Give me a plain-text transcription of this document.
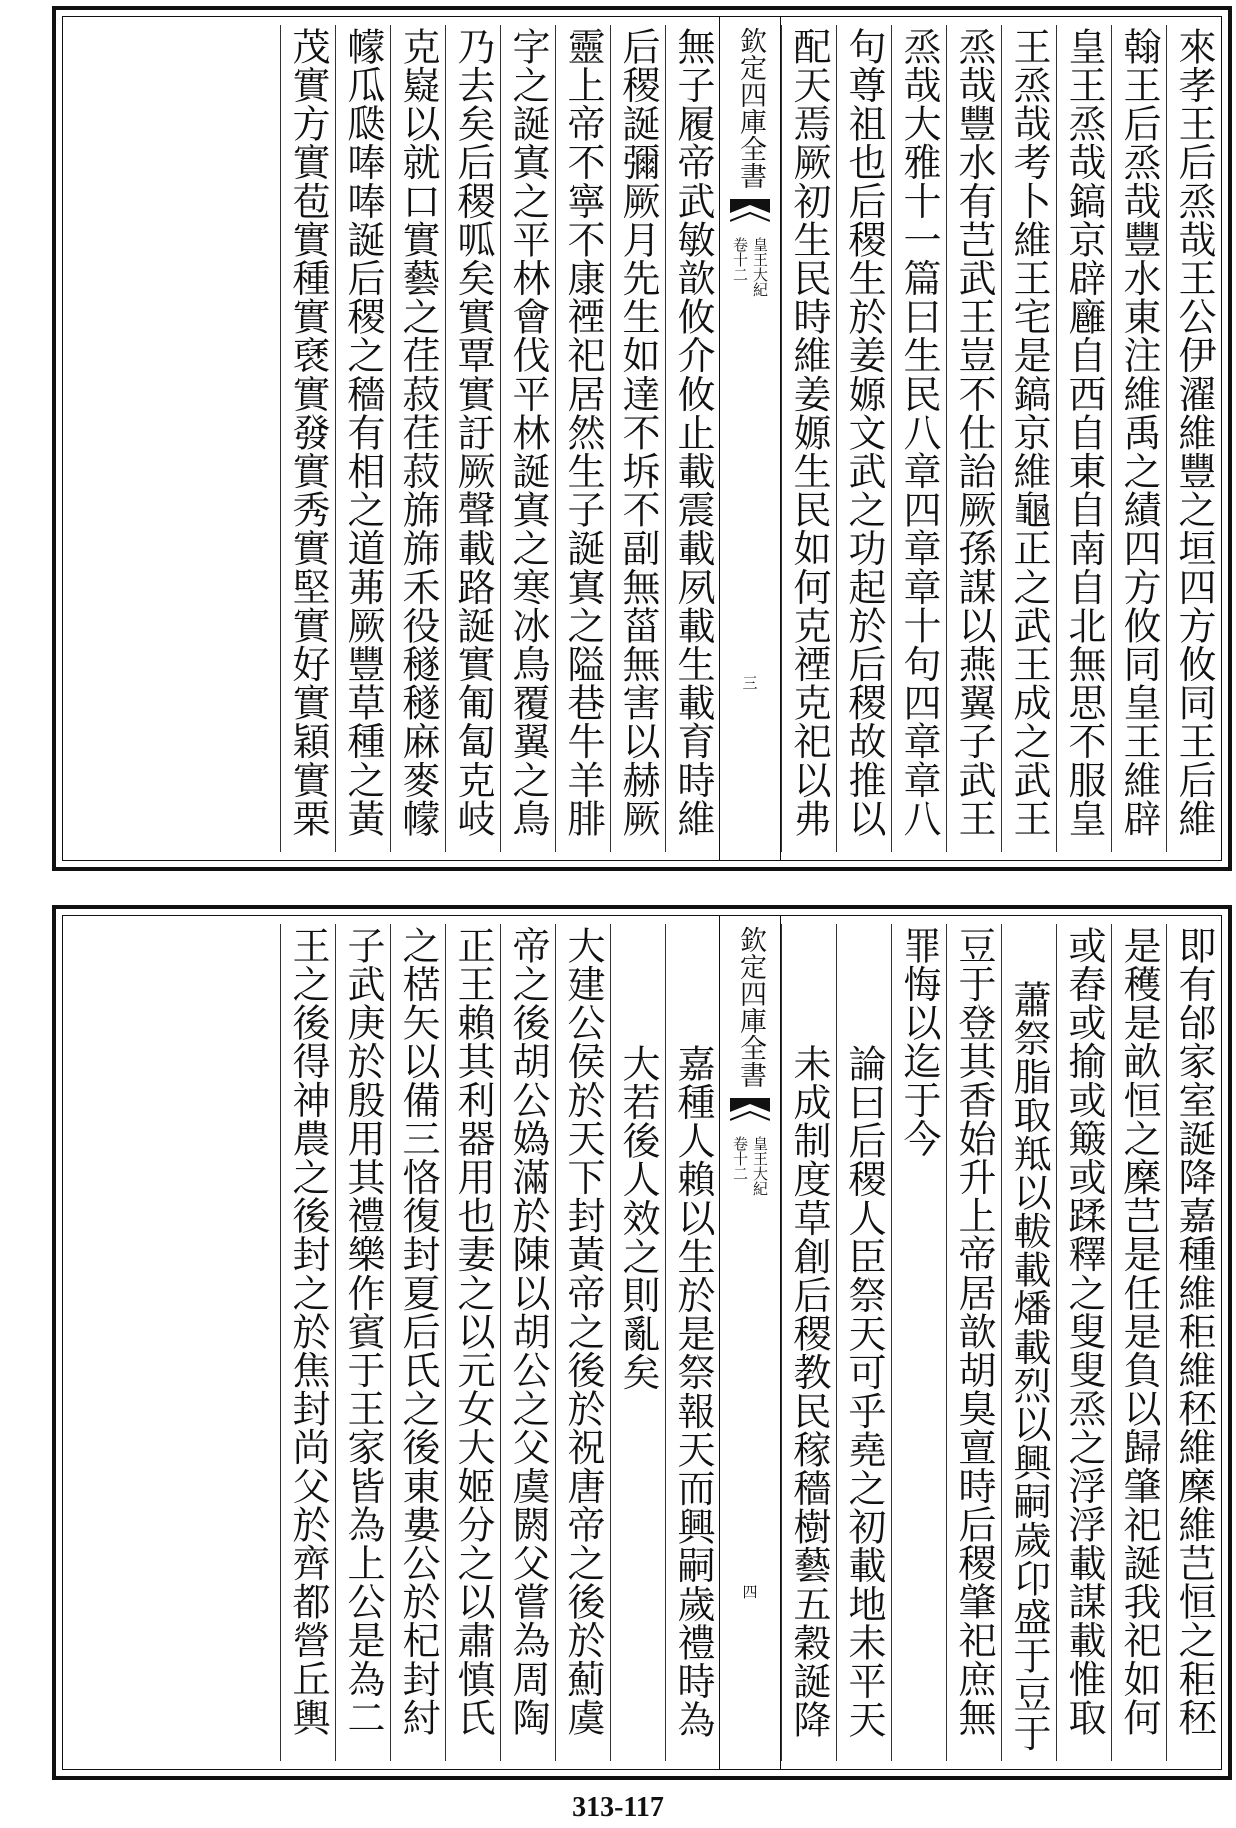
來孝王后烝哉王公伊濯維豐之垣四方攸同王后維
翰王后烝哉豐水東注維禹之績四方攸同皇王維辟
皇王烝哉鎬京辟廱自西自東自南自北無思不服皇
王烝哉考卜維王宅是鎬京維龜正之武王成之武王
烝哉豐水有芑武王豈不仕詒厥孫謀以燕翼子武王
烝哉大雅十一篇曰生民八章四章章十句四章章八
句尊祖也后稷生於姜嫄文武之功起於后稷故推以
配天焉厥初生民時維姜嫄生民如何克禋克祀以弗
欽定四庫全書
皇王大紀
卷十二
三
無子履帝武敏歆攸介攸止載震載夙載生載育時維
后稷誕彌厥月先生如達不坼不副無菑無害以赫厥
靈上帝不寧不康禋祀居然生子誕寘之隘巷牛羊腓
字之誕寘之平林會伐平林誕寘之寒冰鳥覆翼之鳥
乃去矣后稷呱矣實覃實訏厥聲載路誕實匍匐克岐
克嶷以就口實藝之荏菽荏菽旆旆禾役穟穟麻麥幪
幪瓜瓞唪唪誕后稷之穡有相之道茀厥豐草種之黃
茂實方實苞實種實褎實發實秀實堅實好實穎實栗
即有邰家室誕降嘉種維秬維秠維穈維芑恒之秬秠
是穫是畝恒之穈芑是任是負以歸肇祀誕我祀如何
或舂或揄或簸或蹂釋之叟叟烝之浮浮載謀載惟取
蕭祭脂取羝以軷載燔載烈以興嗣歲卬盛于豆于
豆于登其香始升上帝居歆胡臭亶時后稷肇祀庶無
罪悔以迄于今
論曰后稷人臣祭天可乎堯之初載地未平天
未成制度草創后稷教民稼穡樹藝五穀誕降
欽定四庫全書
皇王大紀
卷十二
四
嘉種人賴以生於是祭報天而興嗣歲禮時為
大若後人效之則亂矣
大建公侯於天下封黃帝之後於祝唐帝之後於薊虞
帝之後胡公媯滿於陳以胡公之父虞閼父嘗為周陶
正王賴其利器用也妻之以元女大姬分之以肅慎氏
之楛矢以備三恪復封夏后氏之後東婁公於杞封紂
子武庚於殷用其禮樂作賓于王家皆為上公是為二
王之後得神農之後封之於焦封尚父於齊都營丘輿
313-117
